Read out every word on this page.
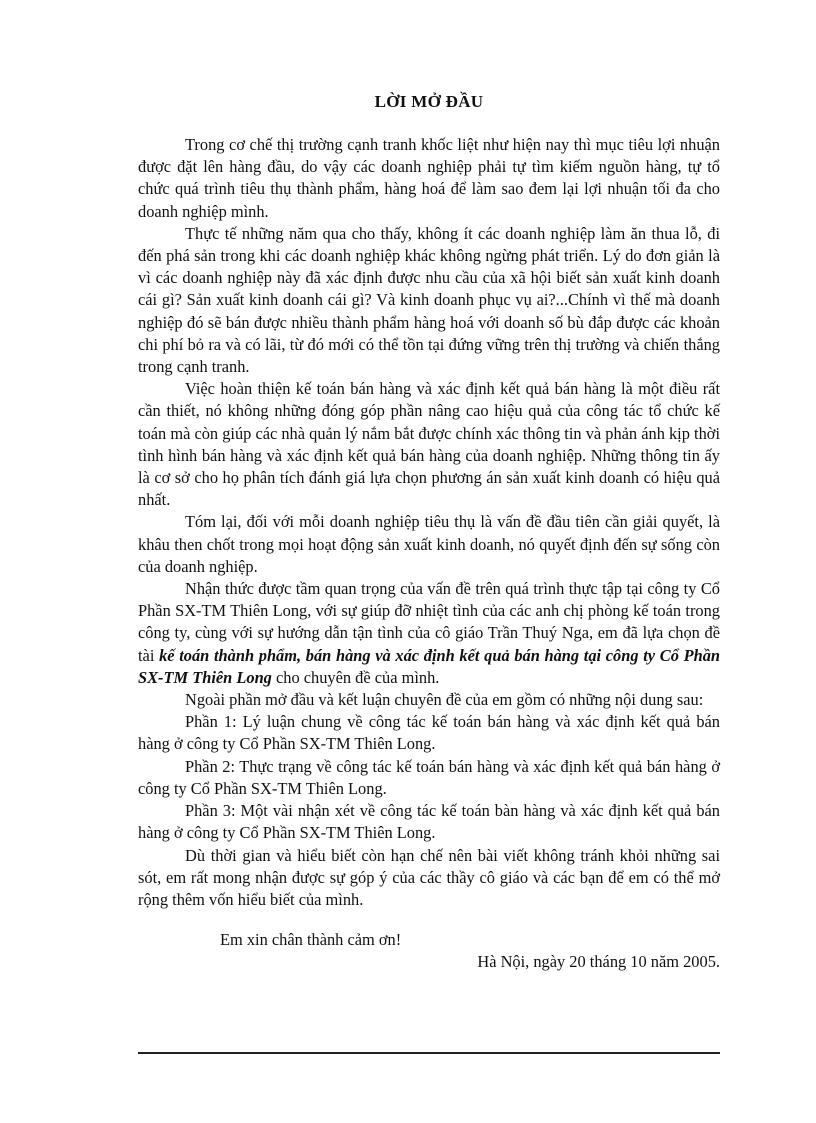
LỜI MỞ ĐẦU

Trong cơ chế thị trường cạnh tranh khốc liệt như hiện nay thì mục tiêu lợi nhuận được đặt lên hàng đầu, do vậy các doanh nghiệp phải tự tìm kiếm nguồn hàng, tự tổ chức quá trình tiêu thụ thành phẩm, hàng hoá để làm sao đem lại lợi nhuận tối đa cho doanh nghiệp mình.

Thực tế những năm qua cho thấy, không ít các doanh nghiệp làm ăn thua lỗ, đi đến phá sản trong khi các doanh nghiệp khác không ngừng phát triển. Lý do đơn giản là vì các doanh nghiệp này đã xác định được nhu cầu của xã hội biết sản xuất kinh doanh cái gì? Sản xuất kinh doanh cái gì? Và kinh doanh phục vụ ai?...Chính vì thế mà doanh nghiệp đó sẽ bán được nhiều thành phẩm hàng hoá với doanh số bù đắp được các khoản chi phí bỏ ra và có lãi, từ đó mới có thể tồn tại đứng vững trên thị trường và chiến thắng trong cạnh tranh.

Việc hoàn thiện kế toán bán hàng và xác định kết quả bán hàng là một điều rất cần thiết, nó không những đóng góp phần nâng cao hiệu quả của công tác tổ chức kế toán mà còn giúp các nhà quản lý nắm bắt được chính xác thông tin và phản ánh kịp thời tình hình bán hàng và xác định kết quả bán hàng của doanh nghiệp. Những thông tin ấy là cơ sở cho họ phân tích đánh giá lựa chọn phương án sản xuất kinh doanh có hiệu quả nhất.

Tóm lại, đối với mỗi doanh nghiệp tiêu thụ là vấn đề đầu tiên cần giải quyết, là khâu then chốt trong mọi hoạt động sản xuất kinh doanh, nó quyết định đến sự sống còn của doanh nghiệp.

Nhận thức được tầm quan trọng của vấn đề trên quá trình thực tập tại công ty Cổ Phần SX-TM Thiên Long, với sự giúp đỡ nhiệt tình của các anh chị phòng kế toán trong công ty, cùng với sự hướng dẫn tận tình của cô giáo Trần Thuý Nga, em đã lựa chọn đề tài kế toán thành phẩm, bán hàng và xác định kết quả bán hàng tại công ty Cổ Phần SX-TM Thiên Long cho chuyên đề của mình.

Ngoài phần mở đầu và kết luận chuyên đề của em gồm có những nội dung sau:

Phần 1: Lý luận chung về công tác kế toán bán hàng và xác định kết quả bán hàng ở công ty Cổ Phần SX-TM Thiên Long.

Phần 2: Thực trạng về công tác kế toán bán hàng và xác định kết quả bán hàng ở công ty Cổ Phần SX-TM Thiên Long.

Phần 3: Một vài nhận xét về công tác kế toán bàn hàng và xác định kết quả bán hàng ở công ty Cổ Phần SX-TM Thiên Long.

Dù thời gian và hiểu biết còn hạn chế nên bài viết không tránh khỏi những sai sót, em rất mong nhận được sự góp ý của các thầy cô giáo và các bạn để em có thể mở rộng thêm vốn hiểu biết của mình.

Em xin chân thành cảm ơn!

Hà Nội, ngày 20 tháng 10 năm 2005.
